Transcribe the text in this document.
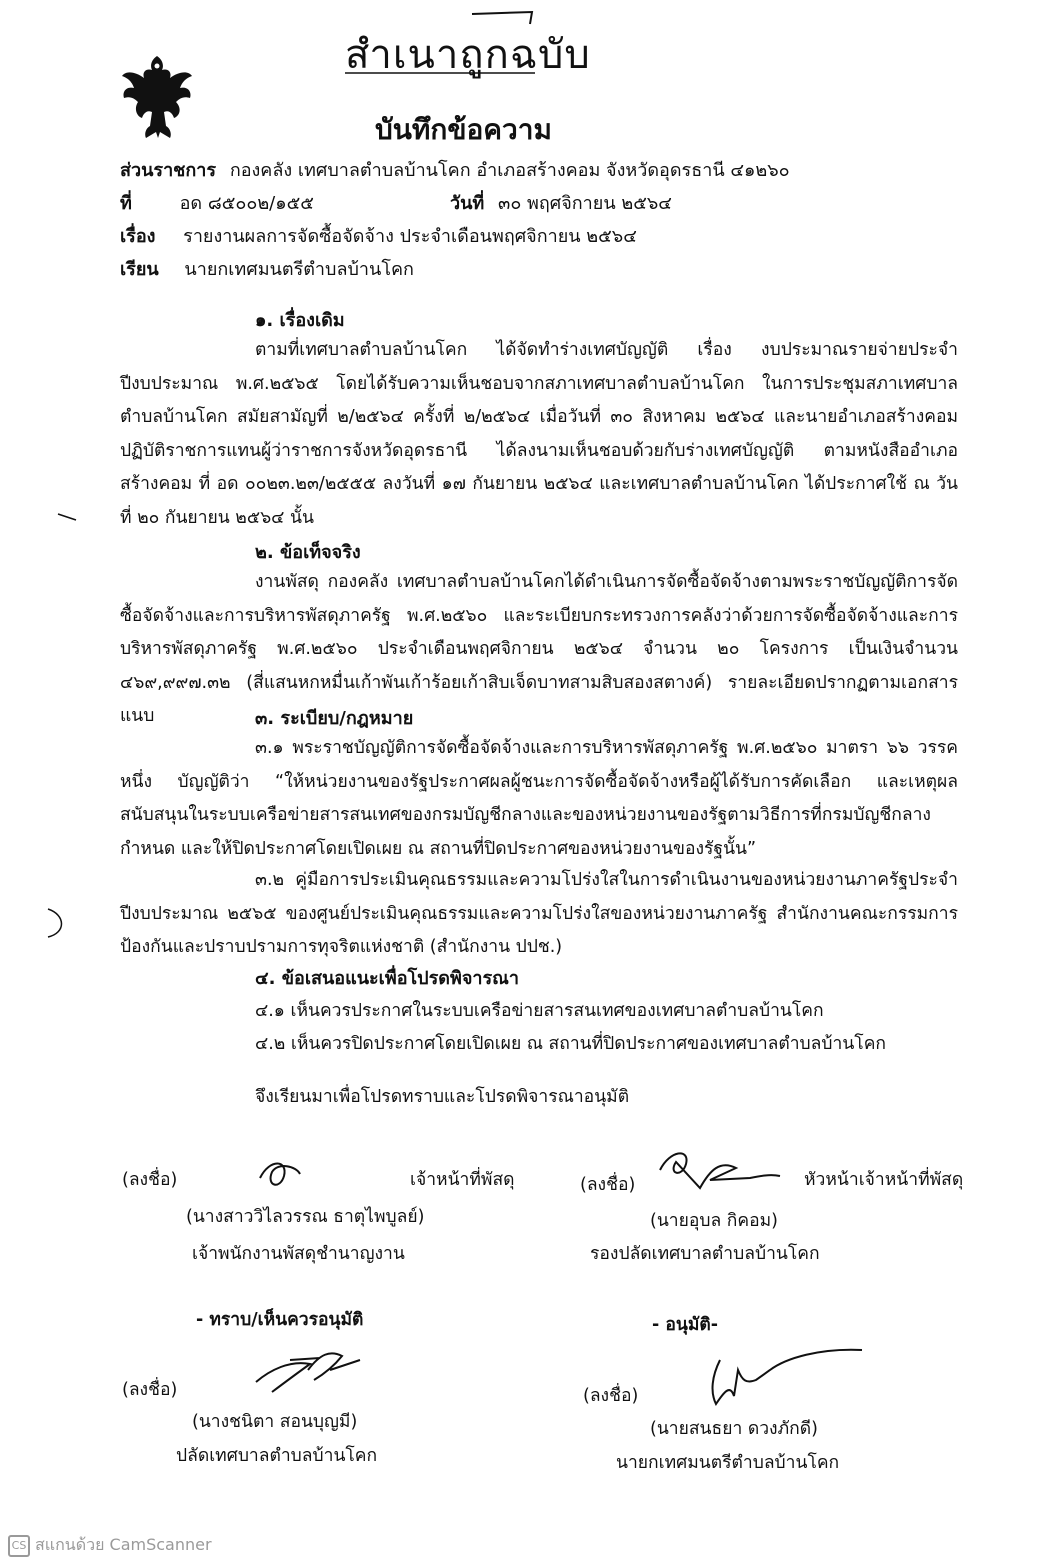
สำเนาถูกฉบับ
บันทึกข้อความ
ส่วนราชการ กองคลัง เทศบาลตำบลบ้านโคก อำเภอสร้างคอม จังหวัดอุดรธานี ๔๑๒๖๐
ที่	อด ๘๕๐๐๒/๑๕๕	วันที่ ๓๐ พฤศจิกายน ๒๕๖๔
เรื่อง รายงานผลการจัดซื้อจัดจ้าง ประจำเดือนพฤศจิกายน ๒๕๖๔
เรียน นายกเทศมนตรีตำบลบ้านโคก
๑. เรื่องเดิม
ตามที่เทศบาลตำบลบ้านโคก ได้จัดทำร่างเทศบัญญัติ เรื่อง งบประมาณรายจ่ายประจำปีงบประมาณ พ.ศ.๒๕๖๕ โดยได้รับความเห็นชอบจากสภาเทศบาลตำบลบ้านโคก ในการประชุมสภาเทศบาลตำบลบ้านโคก สมัยสามัญที่ ๒/๒๕๖๔ ครั้งที่ ๒/๒๕๖๔ เมื่อวันที่ ๓๐ สิงหาคม ๒๕๖๔ และนายอำเภอสร้างคอมปฏิบัติราชการแทนผู้ว่าราชการจังหวัดอุดรธานี ได้ลงนามเห็นชอบด้วยกับร่างเทศบัญญัติ ตามหนังสืออำเภอสร้างคอม ที่ อด ๐๐๒๓.๒๓/๒๕๕๕ ลงวันที่ ๑๗ กันยายน ๒๕๖๔ และเทศบาลตำบลบ้านโคก ได้ประกาศใช้ ณ วันที่ ๒๐ กันยายน ๒๕๖๔ นั้น
๒. ข้อเท็จจริง
งานพัสดุ กองคลัง เทศบาลตำบลบ้านโคกได้ดำเนินการจัดซื้อจัดจ้างตามพระราชบัญญัติการจัดซื้อจัดจ้างและการบริหารพัสดุภาครัฐ พ.ศ.๒๕๖๐ และระเบียบกระทรวงการคลังว่าด้วยการจัดซื้อจัดจ้างและการบริหารพัสดุภาครัฐ พ.ศ.๒๕๖๐ ประจำเดือนพฤศจิกายน ๒๕๖๔ จำนวน ๒๐ โครงการ เป็นเงินจำนวน ๔๖๙,๙๙๗.๓๒ (สี่แสนหกหมื่นเก้าพันเก้าร้อยเก้าสิบเจ็ดบาทสามสิบสองสตางค์) รายละเอียดปรากฏตามเอกสารแนบ	๓. ระเบียบ/กฎหมาย
๓.๑ พระราชบัญญัติการจัดซื้อจัดจ้างและการบริหารพัสดุภาครัฐ พ.ศ.๒๕๖๐ มาตรา ๖๖ วรรคหนึ่ง บัญญัติว่า “ให้หน่วยงานของรัฐประกาศผลผู้ชนะการจัดซื้อจัดจ้างหรือผู้ได้รับการคัดเลือก และเหตุผลสนับสนุนในระบบเครือข่ายสารสนเทศของกรมบัญชีกลางและของหน่วยงานของรัฐตามวิธีการที่กรมบัญชีกลางกำหนด และให้ปิดประกาศโดยเปิดเผย ณ สถานที่ปิดประกาศของหน่วยงานของรัฐนั้น”
๓.๒ คู่มือการประเมินคุณธรรมและความโปร่งใสในการดำเนินงานของหน่วยงานภาครัฐประจำปีงบประมาณ ๒๕๖๕ ของศูนย์ประเมินคุณธรรมและความโปร่งใสของหน่วยงานภาครัฐ สำนักงานคณะกรรมการป้องกันและปราบปรามการทุจริตแห่งชาติ (สำนักงาน ปปช.)
๔. ข้อเสนอแนะเพื่อโปรดพิจารณา
๔.๑ เห็นควรประกาศในระบบเครือข่ายสารสนเทศของเทศบาลตำบลบ้านโคก
๔.๒ เห็นควรปิดประกาศโดยเปิดเผย ณ สถานที่ปิดประกาศของเทศบาลตำบลบ้านโคก
จึงเรียนมาเพื่อโปรดทราบและโปรดพิจารณาอนุมัติ
(ลงชื่อ)	เจ้าหน้าที่พัสดุ
(นางสาววิไลวรรณ ธาตุไพบูลย์)
เจ้าพนักงานพัสดุชำนาญงาน
(ลงชื่อ)	หัวหน้าเจ้าหน้าที่พัสดุ
(นายอุบล กิคอม)
รองปลัดเทศบาลตำบลบ้านโคก
- ทราบ/เห็นควรอนุมัติ
(ลงชื่อ)
(นางชนิตา สอนบุญมี)
ปลัดเทศบาลตำบลบ้านโคก
- อนุมัติ-
(ลงชื่อ)
(นายสนธยา ดวงภักดี)
นายกเทศมนตรีตำบลบ้านโคก
CS สแกนด้วย CamScanner
